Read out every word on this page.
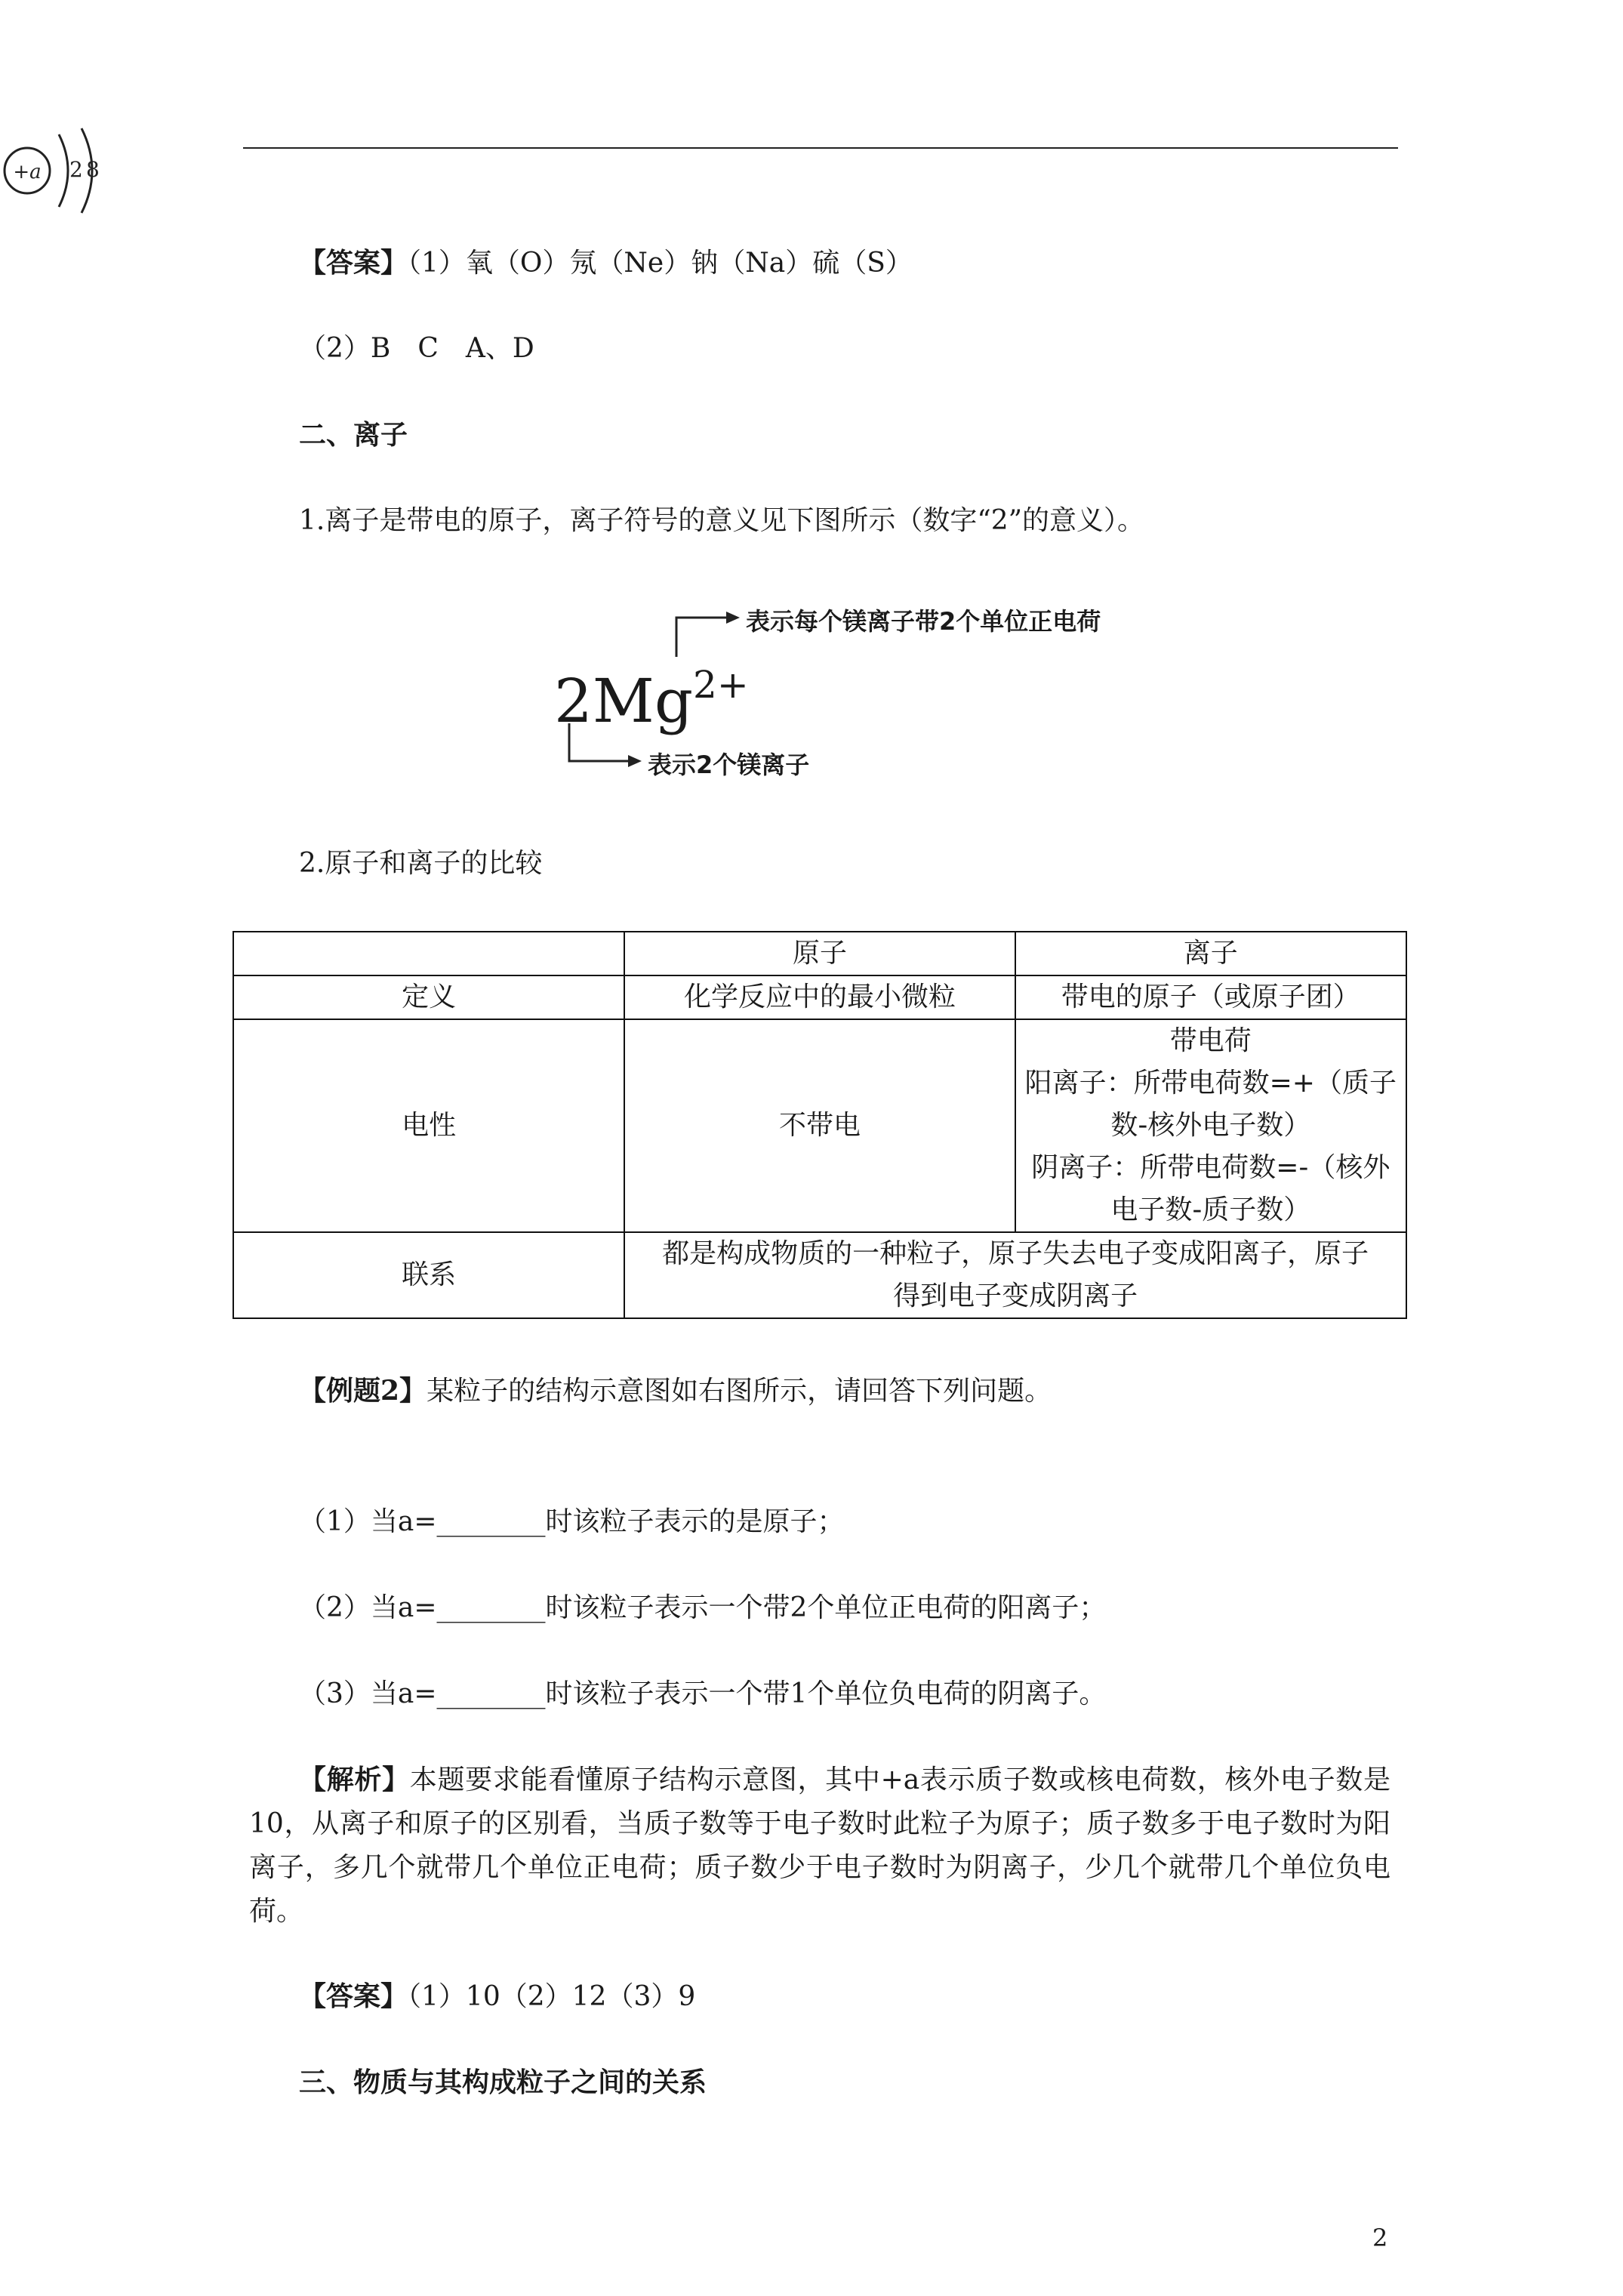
+a 2 8
【答案】（1）氧（O）氖（Ne）钠（Na）硫（S）
（2）B　C　A、D
二、离子
1.离子是带电的原子，离子符号的意义见下图所示（数字“2”的意义）。
$2Mg^{2+}$
表示每个镁离子带2个单位正电荷
表示2个镁离子
2.原子和离子的比较
	原子	离子
定义	化学反应中的最小微粒	带电的原子（或原子团）
电性	不带电	带电荷
阳离子：所带电荷数=+（质子
数-核外电子数）
阴离子：所带电荷数=-（核外
电子数-质子数）

联系	都是构成物质的一种粒子，原子失去电子变成阳离子，原子
得到电子变成阴离子	
【例题2】某粒子的结构示意图如右图所示，请回答下列问题。
（1）当a=________时该粒子表示的是原子；
（2）当a=________时该粒子表示一个带2个单位正电荷的阳离子；
（3）当a=________时该粒子表示一个带1个单位负电荷的阴离子。
【解析】本题要求能看懂原子结构示意图，其中+a表示质子数或核电荷数，核外电子数是10，从离子和原子的区别看，当质子数等于电子数时此粒子为原子；质子数多于电子数时为阳离子，多几个就带几个单位正电荷；质子数少于电子数时为阴离子，少几个就带几个单位负电荷。
【答案】（1）10（2）12（3）9
三、物质与其构成粒子之间的关系
2
